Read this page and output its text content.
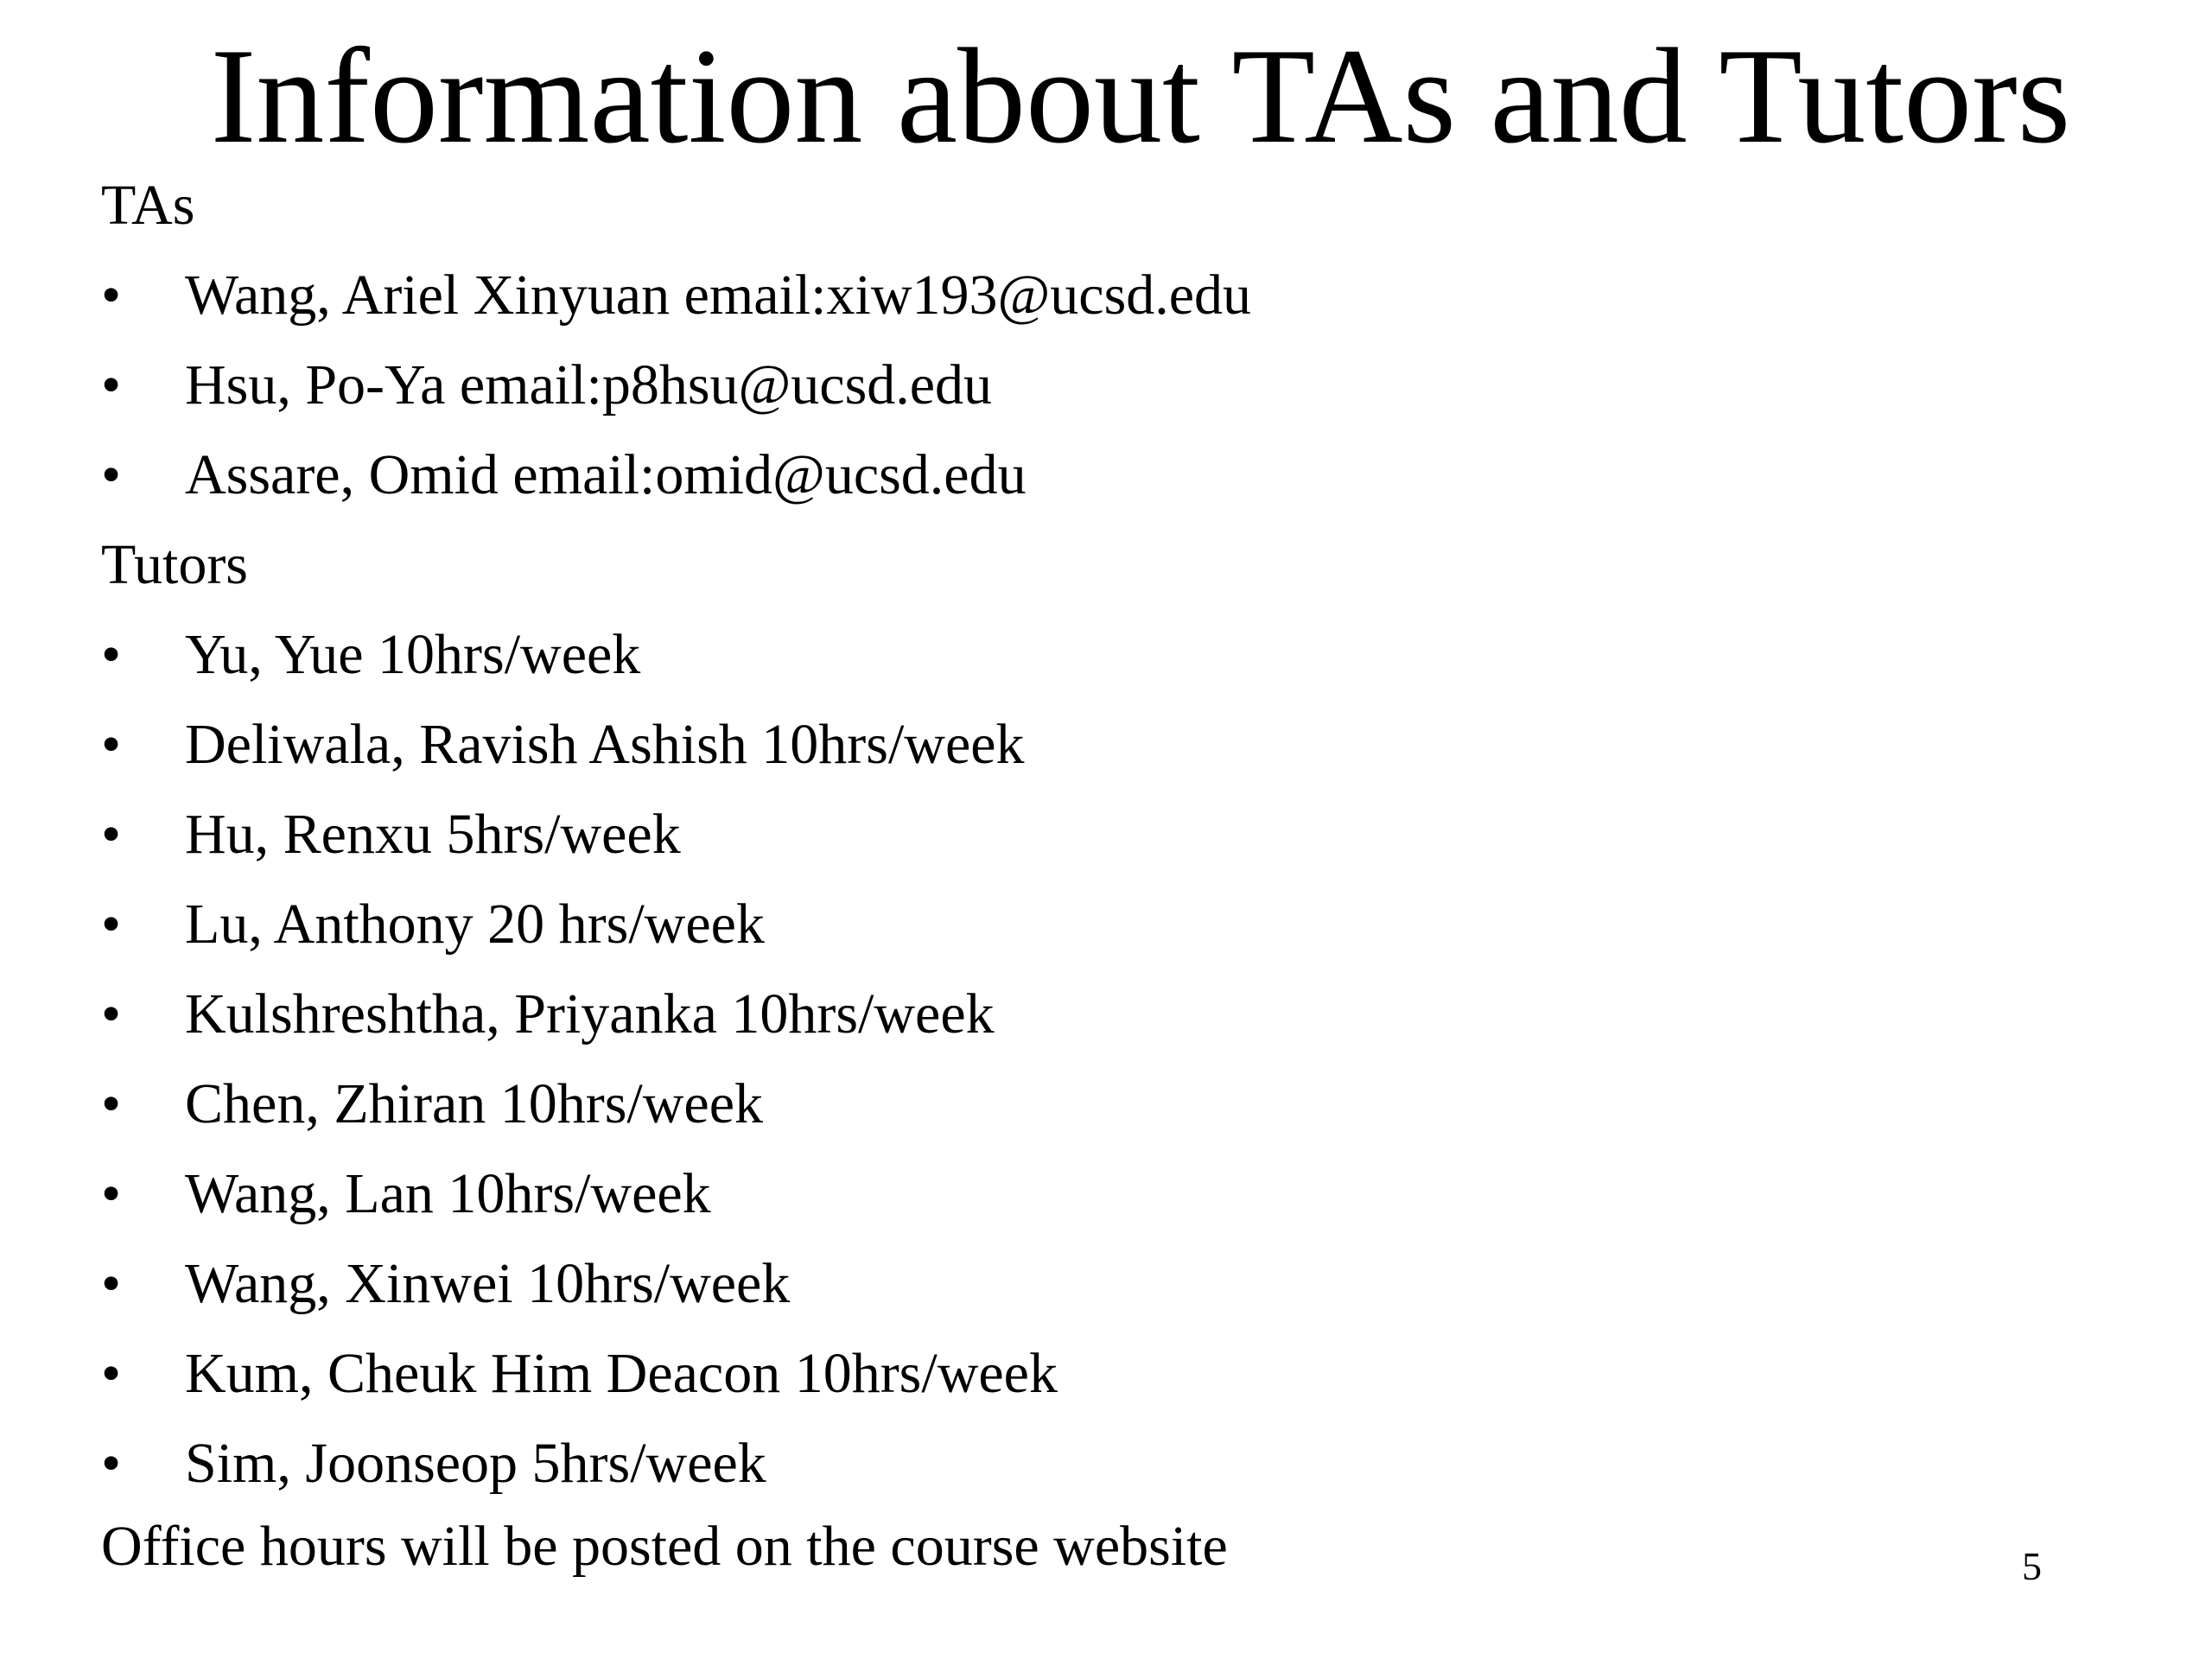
Information about TAs and Tutors
TAs
• Wang, Ariel Xinyuan email:xiw193@ucsd.edu
• Hsu, Po-Ya email:p8hsu@ucsd.edu
• Assare, Omid email:omid@ucsd.edu
Tutors
• Yu, Yue 10hrs/week
• Deliwala, Ravish Ashish 10hrs/week
• Hu, Renxu 5hrs/week
• Lu, Anthony 20 hrs/week
• Kulshreshtha, Priyanka 10hrs/week
• Chen, Zhiran 10hrs/week
• Wang, Lan 10hrs/week
• Wang, Xinwei 10hrs/week
• Kum, Cheuk Him Deacon 10hrs/week
• Sim, Joonseop 5hrs/week
Office hours will be posted on the course website	5
